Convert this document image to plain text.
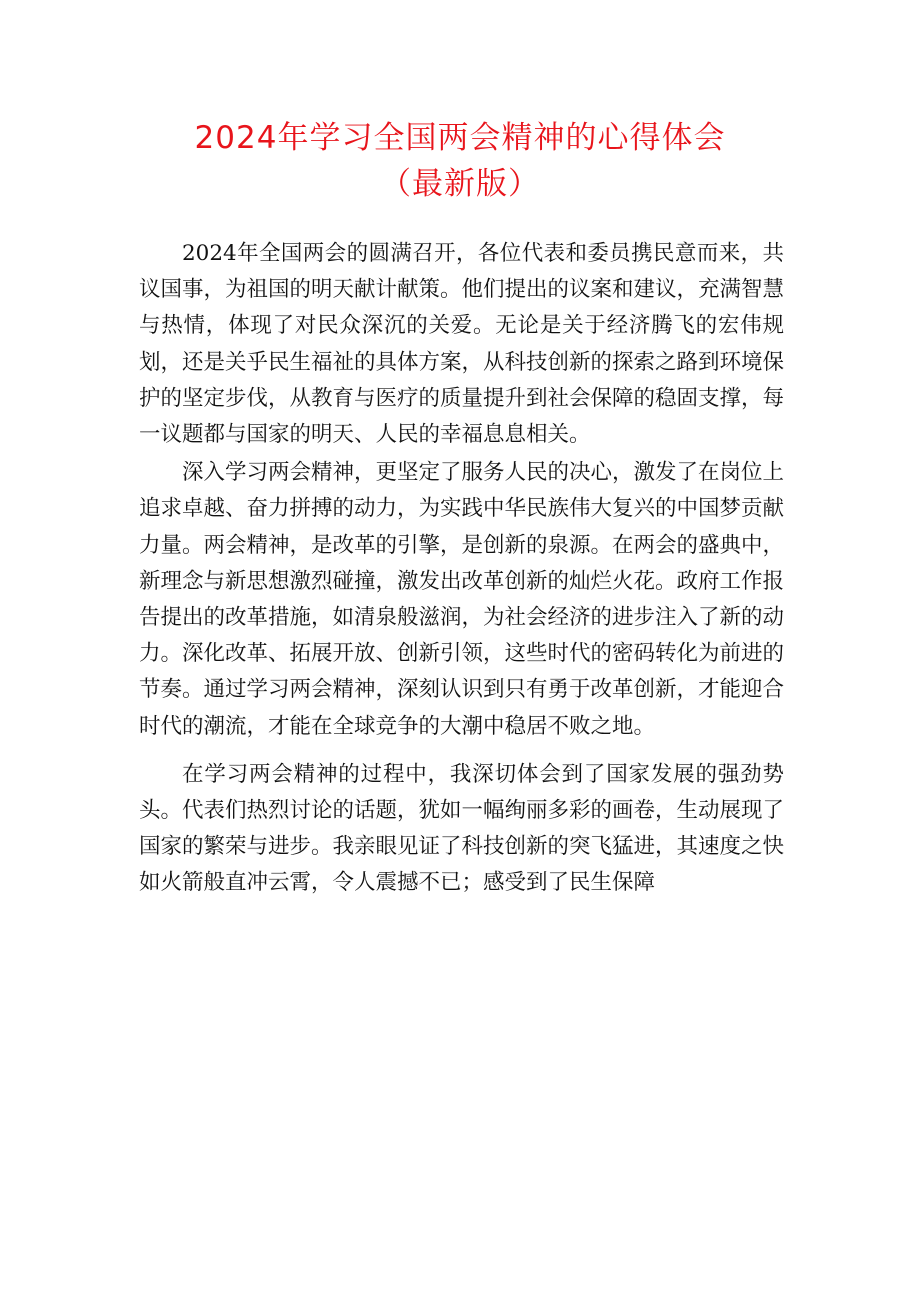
2024年学习全国两会精神的心得体会
（最新版）

2024年全国两会的圆满召开，各位代表和委员携民意而来，共议国事，为祖国的明天献计献策。他们提出的议案和建议，充满智慧与热情，体现了对民众深沉的关爱。无论是关于经济腾飞的宏伟规划，还是关乎民生福祉的具体方案，从科技创新的探索之路到环境保护的坚定步伐，从教育与医疗的质量提升到社会保障的稳固支撑，每一议题都与国家的明天、人民的幸福息息相关。

深入学习两会精神，更坚定了服务人民的决心，激发了在岗位上追求卓越、奋力拼搏的动力，为实践中华民族伟大复兴的中国梦贡献力量。两会精神，是改革的引擎，是创新的泉源。在两会的盛典中，新理念与新思想激烈碰撞，激发出改革创新的灿烂火花。政府工作报告提出的改革措施，如清泉般滋润，为社会经济的进步注入了新的动力。深化改革、拓展开放、创新引领，这些时代的密码转化为前进的节奏。通过学习两会精神，深刻认识到只有勇于改革创新，才能迎合时代的潮流，才能在全球竞争的大潮中稳居不败之地。

在学习两会精神的过程中，我深切体会到了国家发展的强劲势头。代表们热烈讨论的话题，犹如一幅绚丽多彩的画卷，生动展现了国家的繁荣与进步。我亲眼见证了科技创新的突飞猛进，其速度之快如火箭般直冲云霄，令人震撼不已；感受到了民生保障
